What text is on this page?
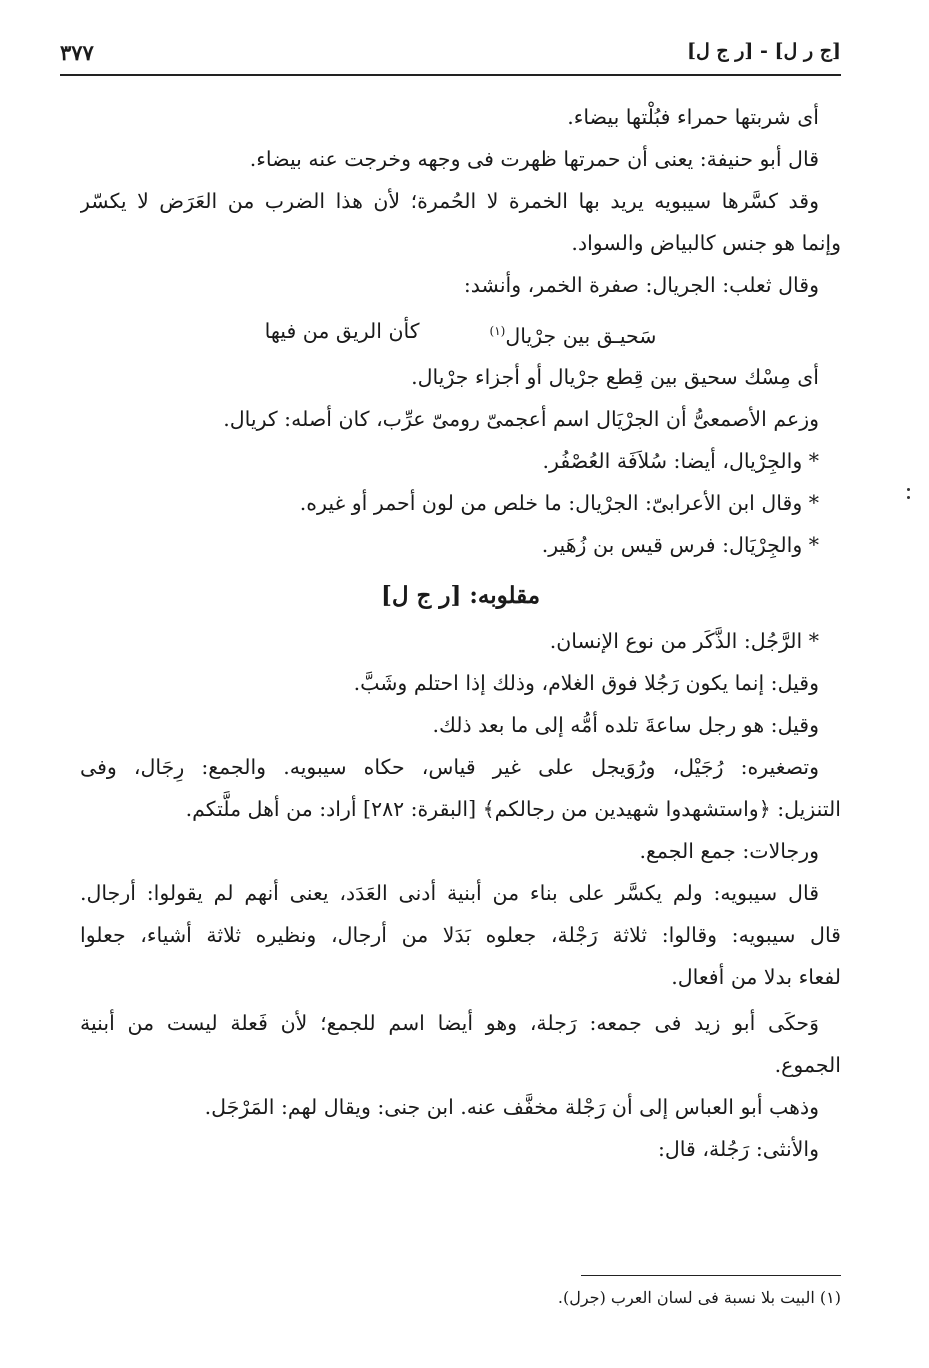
[ج ر ل] - [ر ج ل]
٣٧٧
أى شربتها حمراء فبُلْتها بيضاء.
قال أبو حنيفة: يعنى أن حمرتها ظهرت فى وجهه وخرجت عنه بيضاء.
وقد كسَّرها سيبويه يريد بها الخمرة لا الحُمرة؛ لأن هذا الضرب من العَرَض لا يكسّر
وإنما هو جنس كالبياض والسواد.
وقال ثعلب: الجريال: صفرة الخمر، وأنشد:
سَحيـق بين جرْيال$^{(١)}$
كأن الريق من فيها
أى مِسْك سحيق بين قِطع جرْيال أو أجزاء جرْيال.
وزعم الأصمعىُّ أن الجرْيَال اسم أعجمىّ رومىّ عرِّب، كان أصله: كريال.
* والجِرْيال، أيضا: سُلاَفَة العُصْفُر.
* وقال ابن الأعرابىّ: الجرْيال: ما خلص من لون أحمر أو غيره.
* والجِرْيَال: فرس قيس بن زُهَير.
مقلوبه: [ر ج ل]
* الرَّجُل: الذَّكَر من نوع الإنسان.
وقيل: إنما يكون رَجُلا فوق الغلام، وذلك إذا احتلم وشَبَّ.
وقيل: هو رجل ساعةَ تلده أمُّه إلى ما بعد ذلك.
وتصغيره: رُجَيْل، ورُوَيجل على غير قياس، حكاه سيبويه. والجمع: رِجَال، وفى
التنزيل: ﴿واستشهدوا شهيدين من رجالكم﴾ [البقرة: ٢٨٢] أراد: من أهل ملَّتكم.
ورجالات: جمع الجمع.
قال سيبويه: ولم يكسَّر على بناء من أبنية أدنى العَدَد، يعنى أنهم لم يقولوا: أرجال.
قال سيبويه: وقالوا: ثلاثة رَجْلة، جعلوه بَدَلا من أرجال، ونظيره ثلاثة أشياء، جعلوا
لفعاء بدلا من أفعال.
وَحكَى أبو زيد فى جمعه: رَجلة، وهو أيضا اسم للجمع؛ لأن فَعلة ليست من أبنية
الجموع.
وذهب أبو العباس إلى أن رَجْلة مخفَّف عنه. ابن جنى: ويقال لهم: المَرْجَل.
والأنثى: رَجُلة، قال:
(١) البيت بلا نسبة فى لسان العرب (جرل).
